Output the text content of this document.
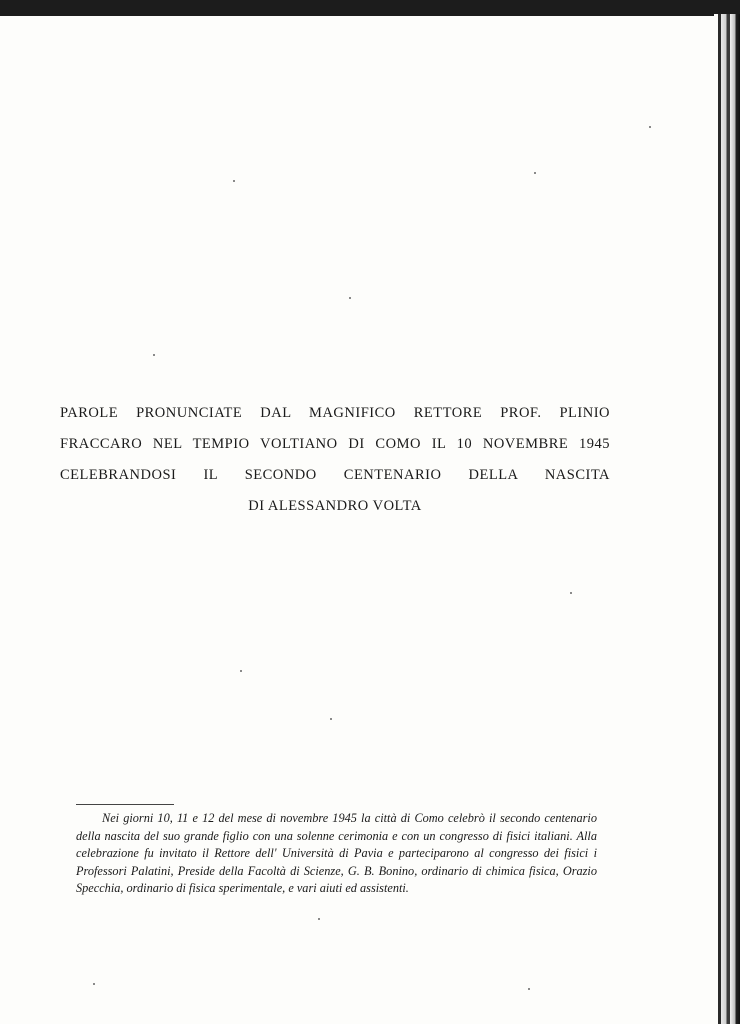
PAROLE PRONUNCIATE DAL MAGNIFICO RETTORE PROF. PLINIO
FRACCARO NEL TEMPIO VOLTIANO DI COMO IL 10 NOVEMBRE 1945
CELEBRANDOSI IL SECONDO CENTENARIO DELLA NASCITA
DI ALESSANDRO VOLTA
Nei giorni 10, 11 e 12 del mese di novembre 1945 la città di Como celebrò il secondo centenario della nascita del suo grande figlio con una solenne cerimonia e con un congresso di fisici italiani. Alla celebrazione fu invitato il Rettore dell' Università di Pavia e parteciparono al congresso dei fisici i Professori Palatini, Preside della Facoltà di Scienze, G. B. Bonino, ordinario di chimica fisica, Orazio Specchia, ordinario di fisica sperimentale, e vari aiuti ed assistenti.
